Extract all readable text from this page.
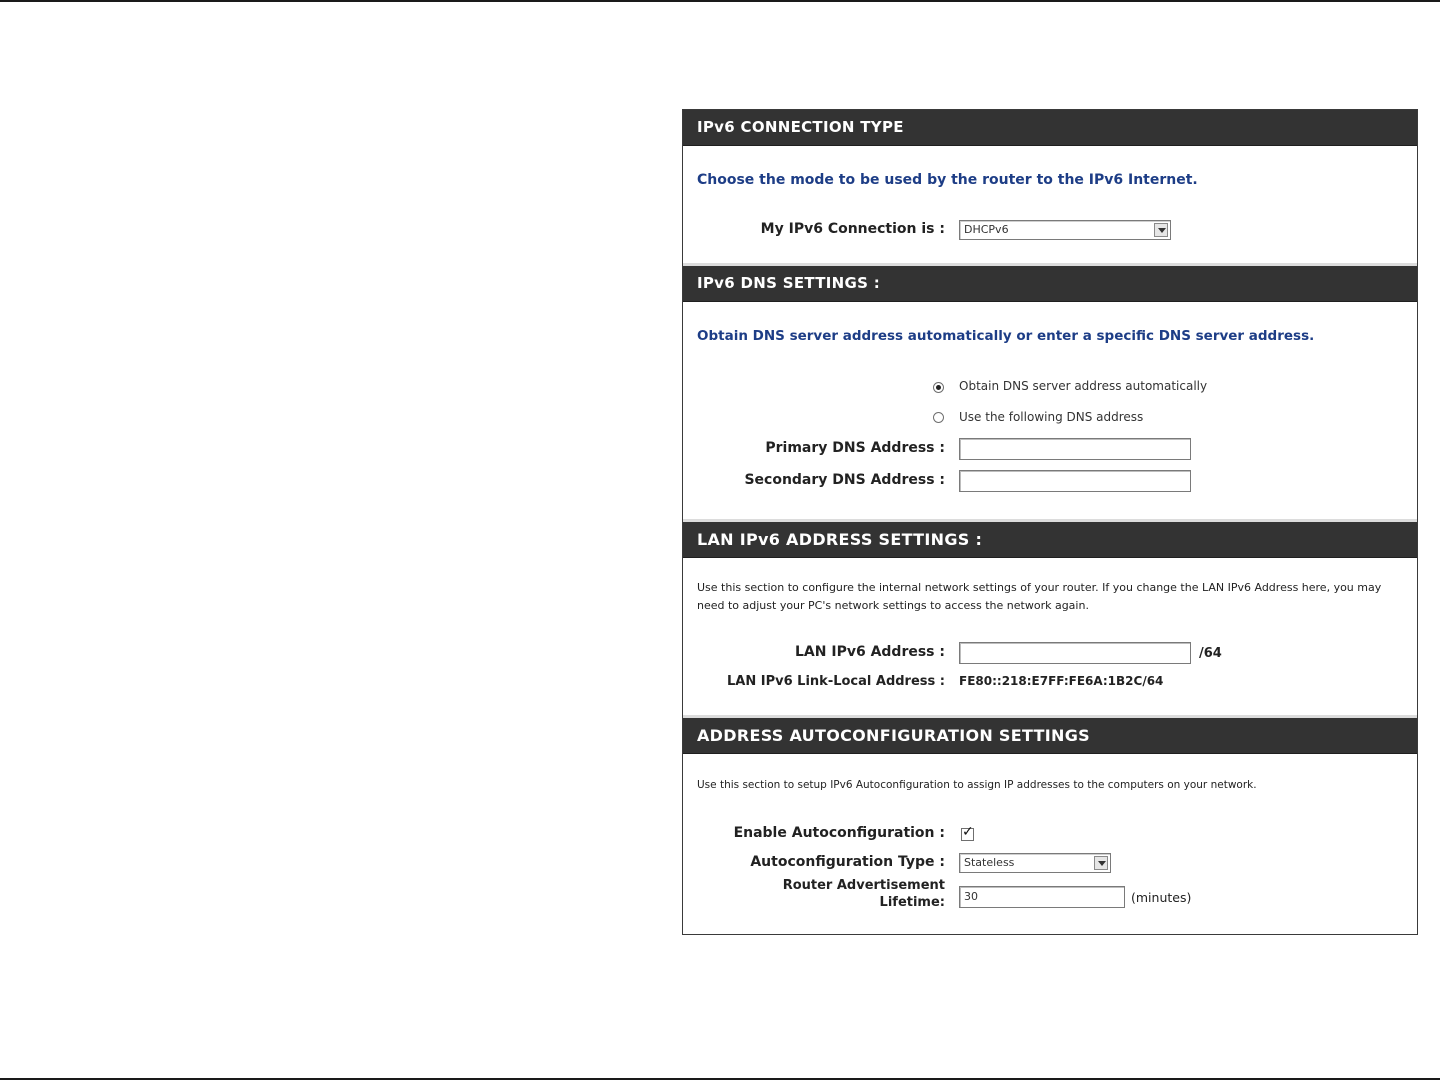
IPv6 CONNECTION TYPE
Choose the mode to be used by the router to the IPv6 Internet.
My IPv6 Connection is : DHCPv6
IPv6 DNS SETTINGS :
Obtain DNS server address automatically or enter a specific DNS server address.
Obtain DNS server address automatically
Use the following DNS address
Primary DNS Address :
Secondary DNS Address :
LAN IPv6 ADDRESS SETTINGS :
Use this section to configure the internal network settings of your router. If you change the LAN IPv6 Address here, you may need to adjust your PC's network settings to access the network again.
LAN IPv6 Address :	/64
LAN IPv6 Link-Local Address : FE80::218:E7FF:FE6A:1B2C/64
ADDRESS AUTOCONFIGURATION SETTINGS
Use this section to setup IPv6 Autoconfiguration to assign IP addresses to the computers on your network.
Enable Autoconfiguration : ✓
Autoconfiguration Type : Stateless
Router Advertisement
Lifetime: 30	(minutes)
